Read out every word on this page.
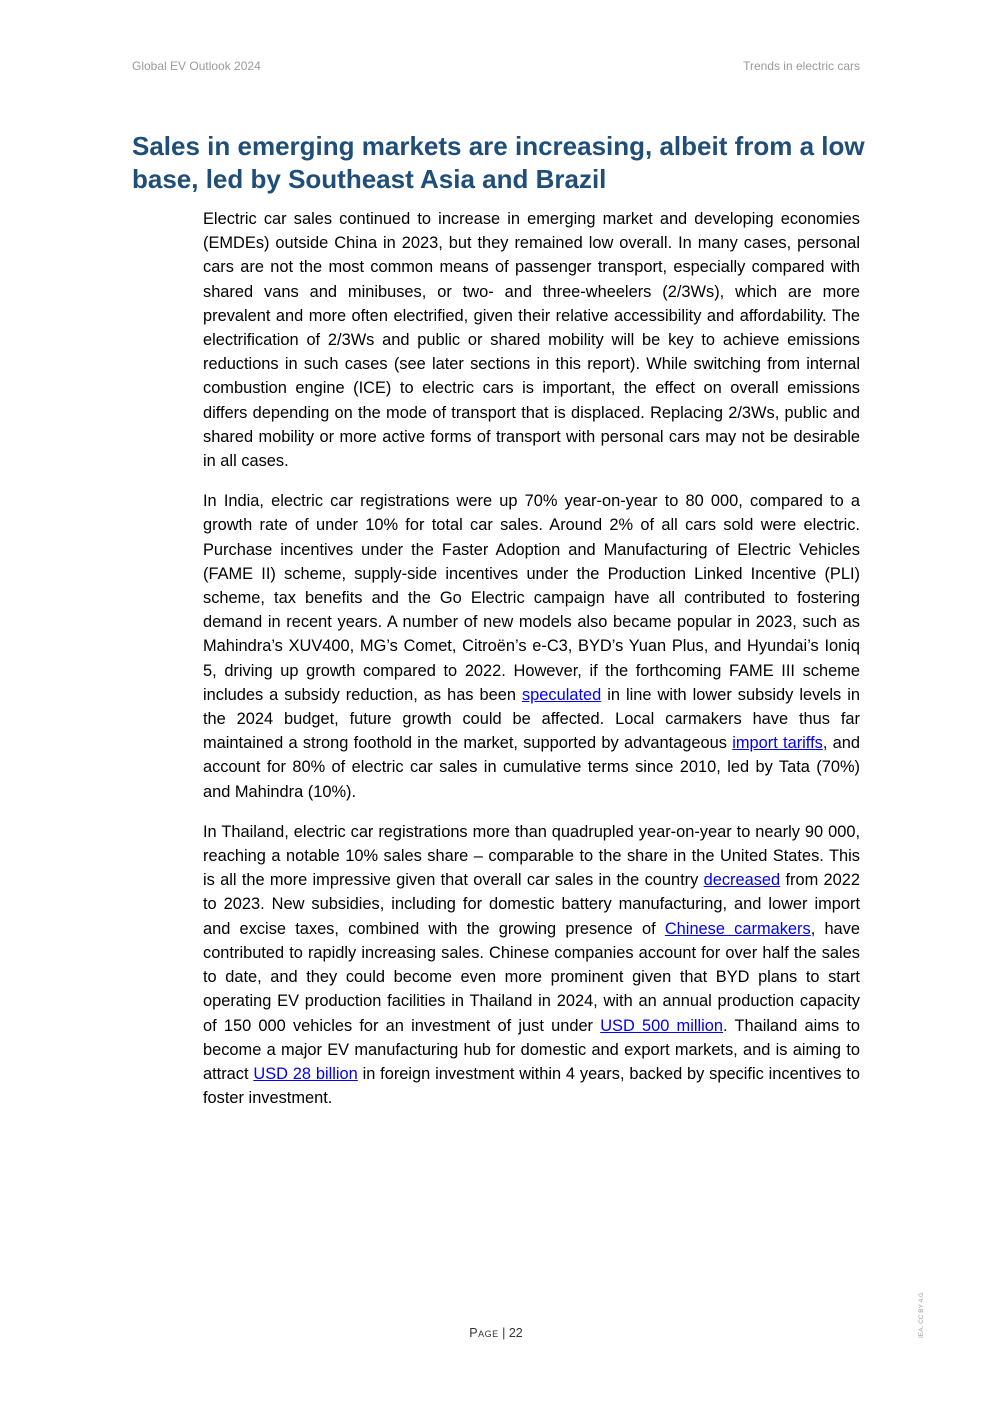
Global EV Outlook 2024	Trends in electric cars
Sales in emerging markets are increasing, albeit from a low base, led by Southeast Asia and Brazil

Electric car sales continued to increase in emerging market and developing economies (EMDEs) outside China in 2023, but they remained low overall. In many cases, personal cars are not the most common means of passenger transport, especially compared with shared vans and minibuses, or two- and three-wheelers (2/3Ws), which are more prevalent and more often electrified, given their relative accessibility and affordability. The electrification of 2/3Ws and public or shared mobility will be key to achieve emissions reductions in such cases (see later sections in this report). While switching from internal combustion engine (ICE) to electric cars is important, the effect on overall emissions differs depending on the mode of transport that is displaced. Replacing 2/3Ws, public and shared mobility or more active forms of transport with personal cars may not be desirable in all cases.

In India, electric car registrations were up 70% year-on-year to 80 000, compared to a growth rate of under 10% for total car sales. Around 2% of all cars sold were electric. Purchase incentives under the Faster Adoption and Manufacturing of Electric Vehicles (FAME II) scheme, supply-side incentives under the Production Linked Incentive (PLI) scheme, tax benefits and the Go Electric campaign have all contributed to fostering demand in recent years. A number of new models also became popular in 2023, such as Mahindra’s XUV400, MG’s Comet, Citroën’s e-C3, BYD’s Yuan Plus, and Hyundai’s Ioniq 5, driving up growth compared to 2022. However, if the forthcoming FAME III scheme includes a subsidy reduction, as has been speculated in line with lower subsidy levels in the 2024 budget, future growth could be affected. Local carmakers have thus far maintained a strong foothold in the market, supported by advantageous import tariffs, and account for 80% of electric car sales in cumulative terms since 2010, led by Tata (70%) and Mahindra (10%).

In Thailand, electric car registrations more than quadrupled year-on-year to nearly 90 000, reaching a notable 10% sales share – comparable to the share in the United States. This is all the more impressive given that overall car sales in the country decreased from 2022 to 2023. New subsidies, including for domestic battery manufacturing, and lower import and excise taxes, combined with the growing presence of Chinese carmakers, have contributed to rapidly increasing sales. Chinese companies account for over half the sales to date, and they could become even more prominent given that BYD plans to start operating EV production facilities in Thailand in 2024, with an annual production capacity of 150 000 vehicles for an investment of just under USD 500 million. Thailand aims to become a major EV manufacturing hub for domestic and export markets, and is aiming to attract USD 28 billion in foreign investment within 4 years, backed by specific incentives to foster investment.

Page | 22	IEA. CC BY 4.0.
